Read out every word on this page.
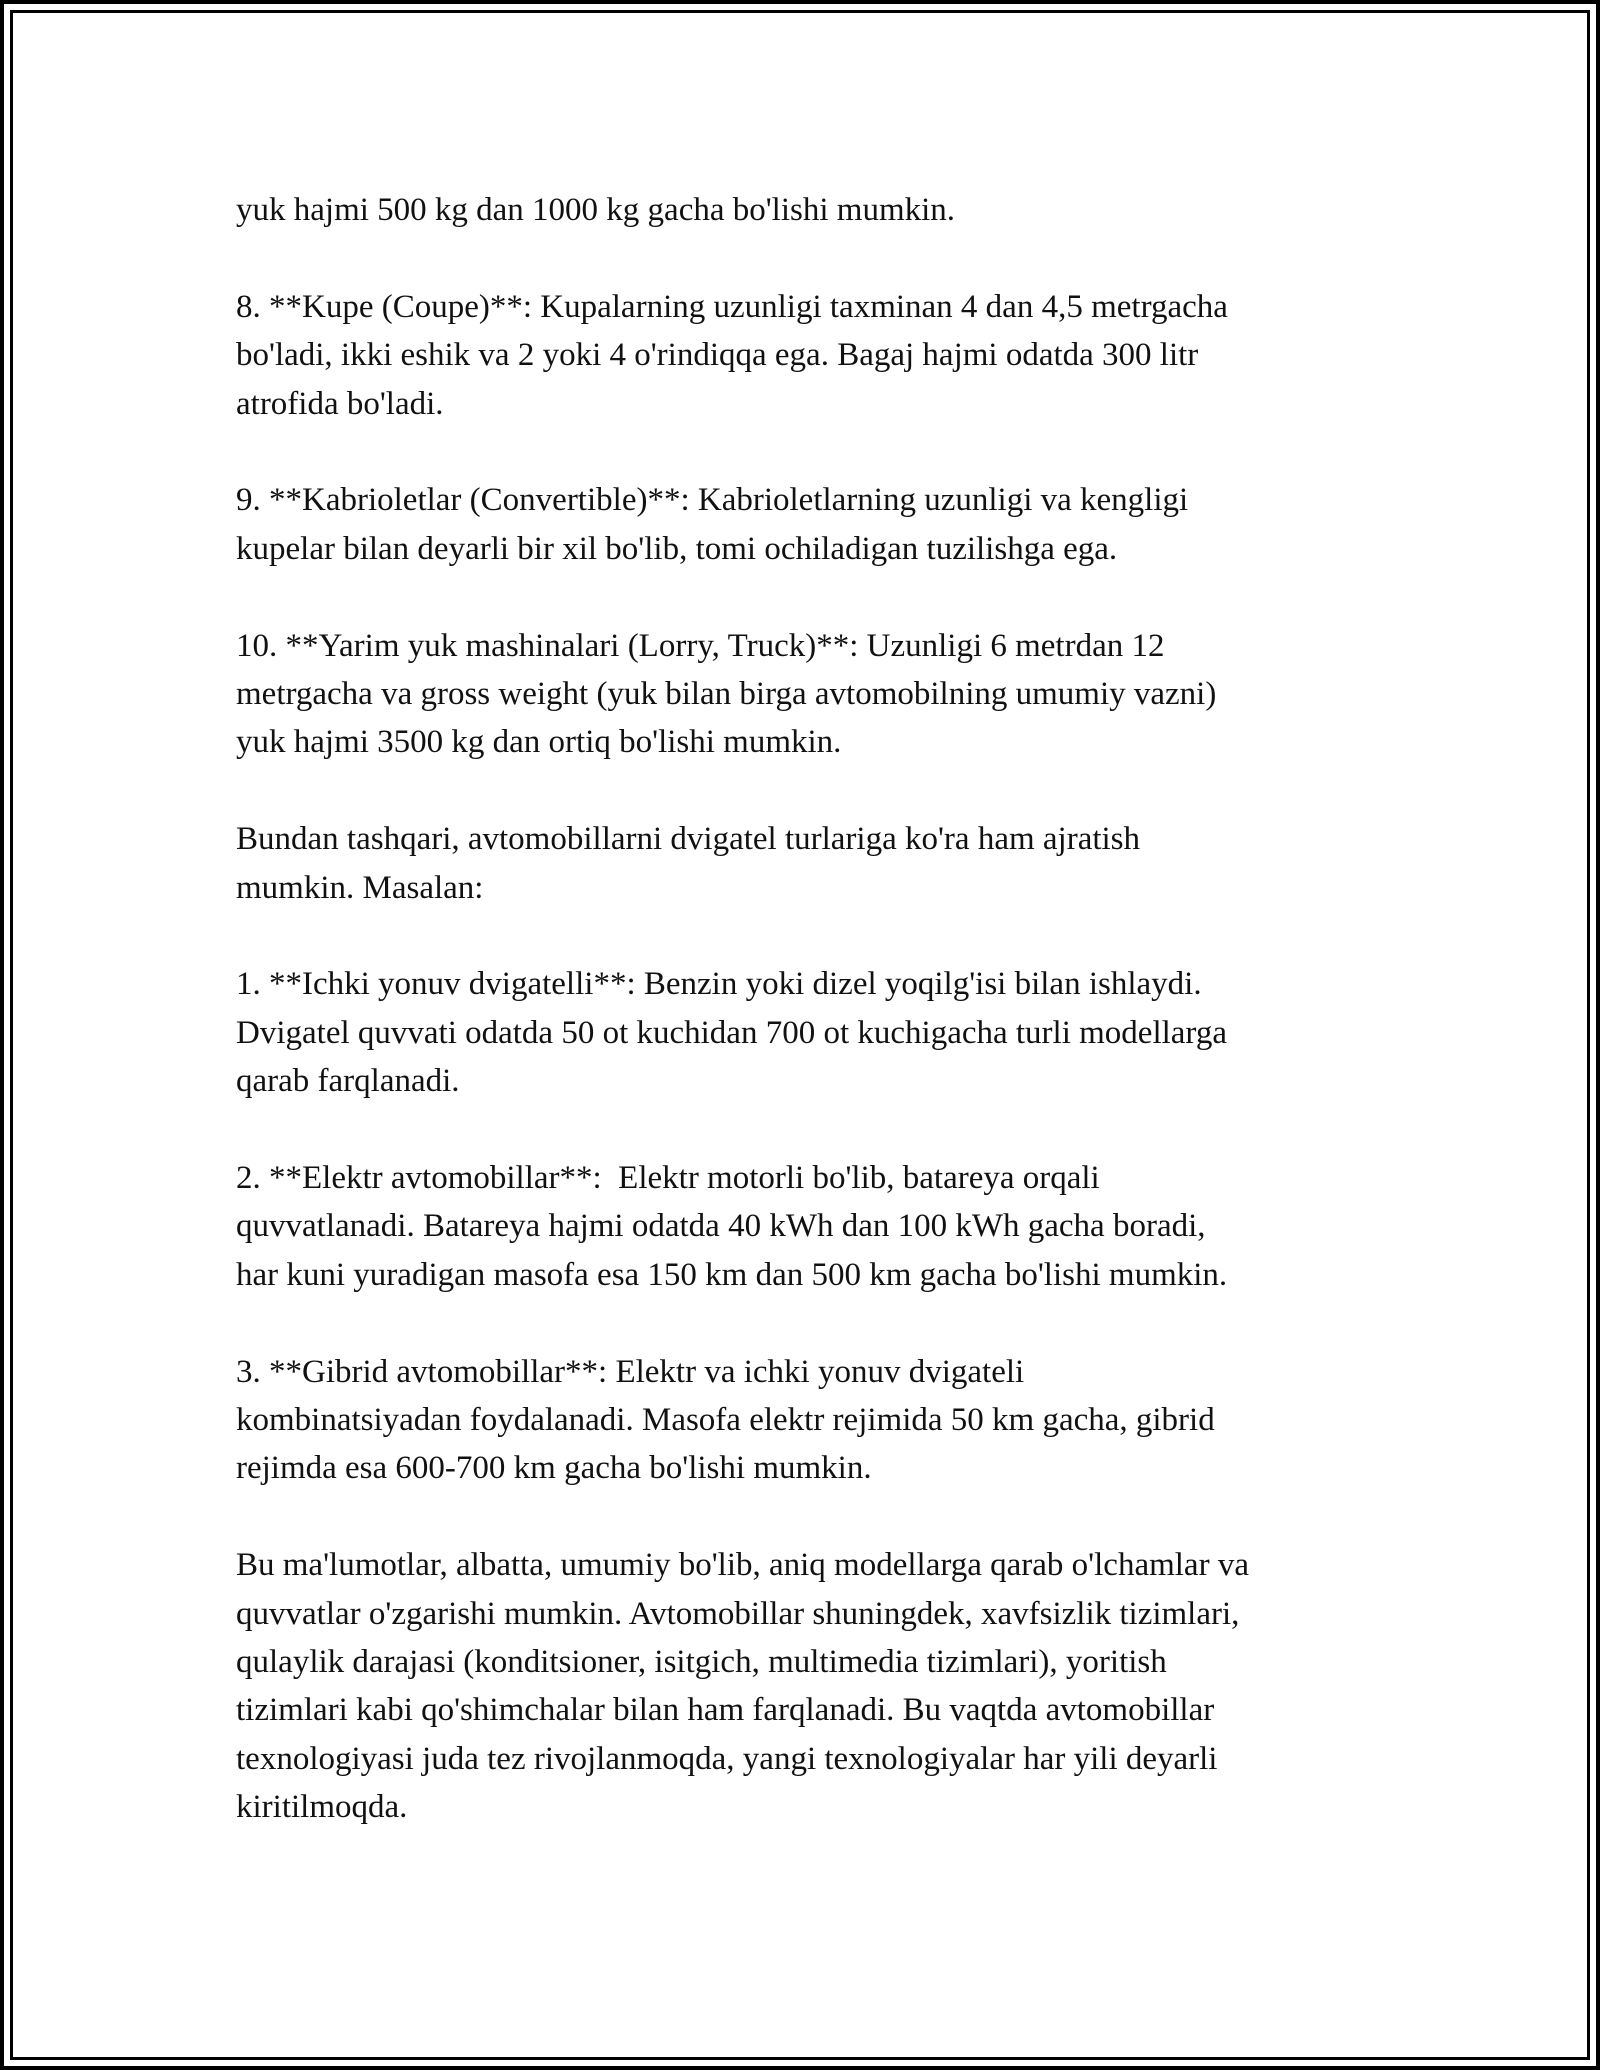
yuk hajmi 500 kg dan 1000 kg gacha bo'lishi mumkin.

8. **Kupe (Coupe)**: Kupalarning uzunligi taxminan 4 dan 4,5 metrgacha
bo'ladi, ikki eshik va 2 yoki 4 o'rindiqqa ega. Bagaj hajmi odatda 300 litr
atrofida bo'ladi.

9. **Kabrioletlar (Convertible)**: Kabrioletlarning uzunligi va kengligi
kupelar bilan deyarli bir xil bo'lib, tomi ochiladigan tuzilishga ega.

10. **Yarim yuk mashinalari (Lorry, Truck)**: Uzunligi 6 metrdan 12
metrgacha va gross weight (yuk bilan birga avtomobilning umumiy vazni)
yuk hajmi 3500 kg dan ortiq bo'lishi mumkin.

Bundan tashqari, avtomobillarni dvigatel turlariga ko'ra ham ajratish
mumkin. Masalan:

1. **Ichki yonuv dvigatelli**: Benzin yoki dizel yoqilg'isi bilan ishlaydi.
Dvigatel quvvati odatda 50 ot kuchidan 700 ot kuchigacha turli modellarga
qarab farqlanadi.

2. **Elektr avtomobillar**:  Elektr motorli bo'lib, batareya orqali
quvvatlanadi. Batareya hajmi odatda 40 kWh dan 100 kWh gacha boradi,
har kuni yuradigan masofa esa 150 km dan 500 km gacha bo'lishi mumkin.

3. **Gibrid avtomobillar**: Elektr va ichki yonuv dvigateli
kombinatsiyadan foydalanadi. Masofa elektr rejimida 50 km gacha, gibrid
rejimda esa 600-700 km gacha bo'lishi mumkin.

Bu ma'lumotlar, albatta, umumiy bo'lib, aniq modellarga qarab o'lchamlar va
quvvatlar o'zgarishi mumkin. Avtomobillar shuningdek, xavfsizlik tizimlari,
qulaylik darajasi (konditsioner, isitgich, multimedia tizimlari), yoritish
tizimlari kabi qo'shimchalar bilan ham farqlanadi. Bu vaqtda avtomobillar
texnologiyasi juda tez rivojlanmoqda, yangi texnologiyalar har yili deyarli
kiritilmoqda.
